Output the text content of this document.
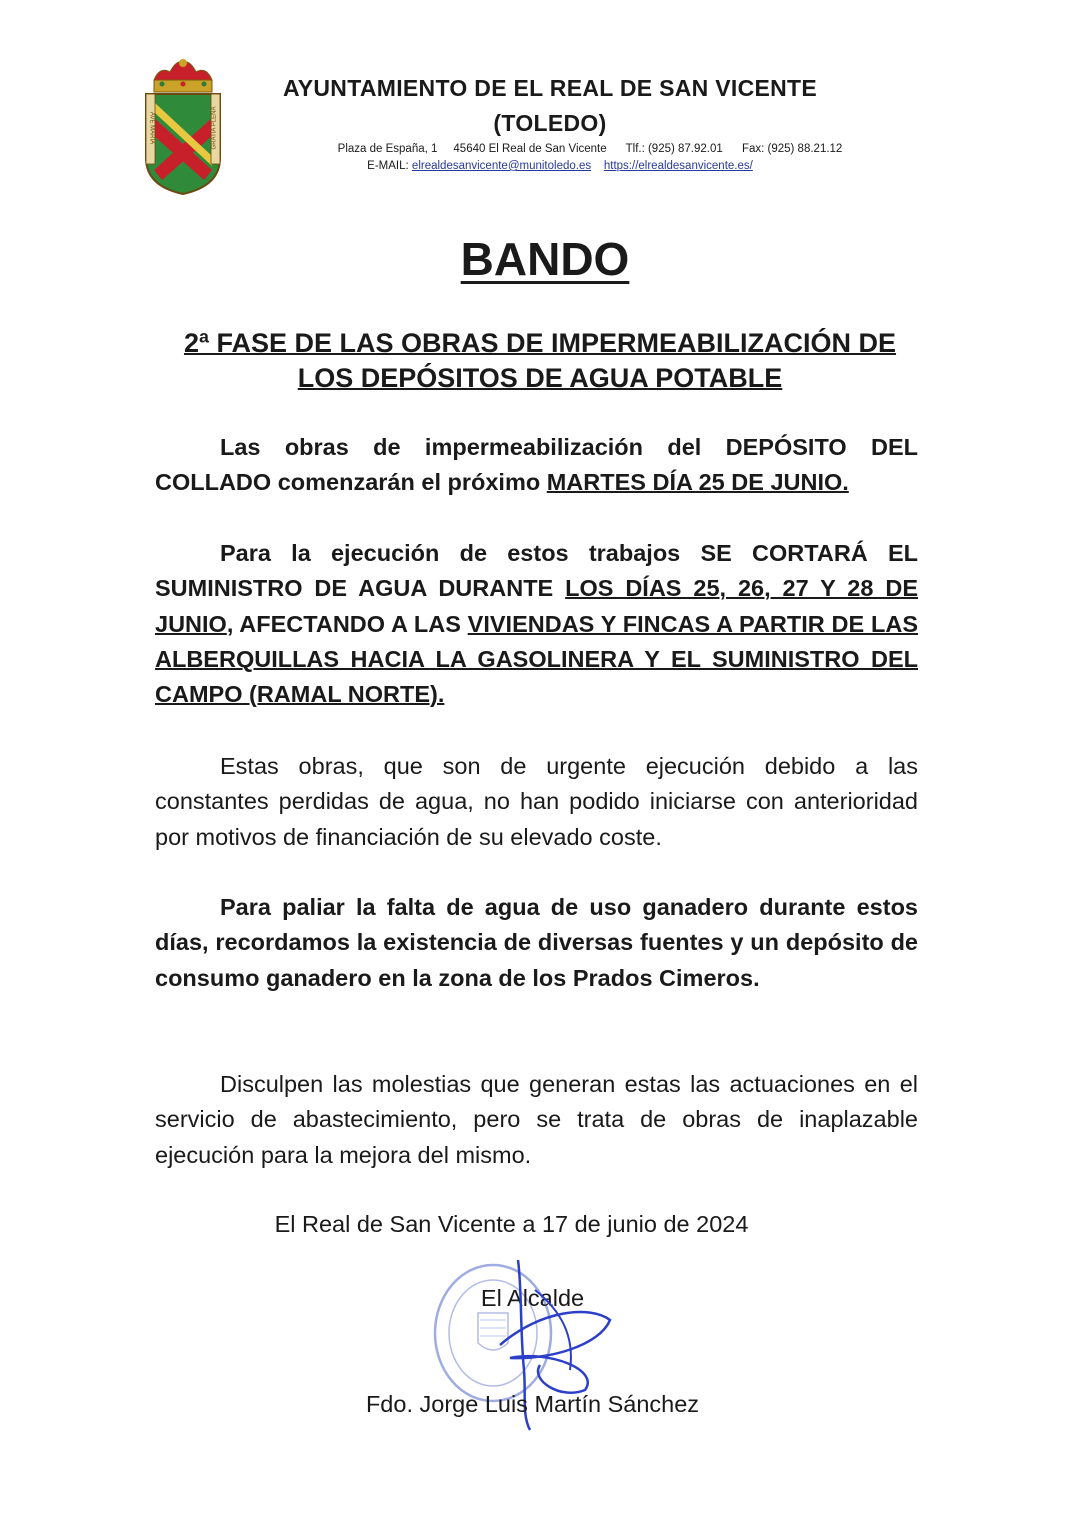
AVE MARIA	GRATIA PLENA
AYUNTAMIENTO DE EL REAL DE SAN VICENTE
(TOLEDO)
Plaza de España, 1 45640 El Real de San Vicente Tlf.: (925) 87.92.01 Fax: (925) 88.21.12
E-MAIL: elrealdesanvicente@munitoledo.es https://elrealdesanvicente.es/
BANDO
2ª FASE DE LAS OBRAS DE IMPERMEABILIZACIÓN DE
LOS DEPÓSITOS DE AGUA POTABLE
Las obras de impermeabilización del DEPÓSITO DEL COLLADO comenzarán el próximo MARTES DÍA 25 DE JUNIO.
Para la ejecución de estos trabajos SE CORTARÁ EL SUMINISTRO DE AGUA DURANTE LOS DÍAS 25, 26, 27 Y 28 DE JUNIO, AFECTANDO A LAS VIVIENDAS Y FINCAS A PARTIR DE LAS ALBERQUILLAS HACIA LA GASOLINERA Y EL SUMINISTRO DEL CAMPO (RAMAL NORTE).
Estas obras, que son de urgente ejecución debido a las constantes perdidas de agua, no han podido iniciarse con anterioridad por motivos de financiación de su elevado coste.
Para paliar la falta de agua de uso ganadero durante estos días, recordamos la existencia de diversas fuentes y un depósito de consumo ganadero en la zona de los Prados Cimeros.
Disculpen las molestias que generan estas las actuaciones en el servicio de abastecimiento, pero se trata de obras de inaplazable ejecución para la mejora del mismo.
El Real de San Vicente a 17 de junio de 2024
El Alcalde
Fdo. Jorge Luis Martín Sánchez
